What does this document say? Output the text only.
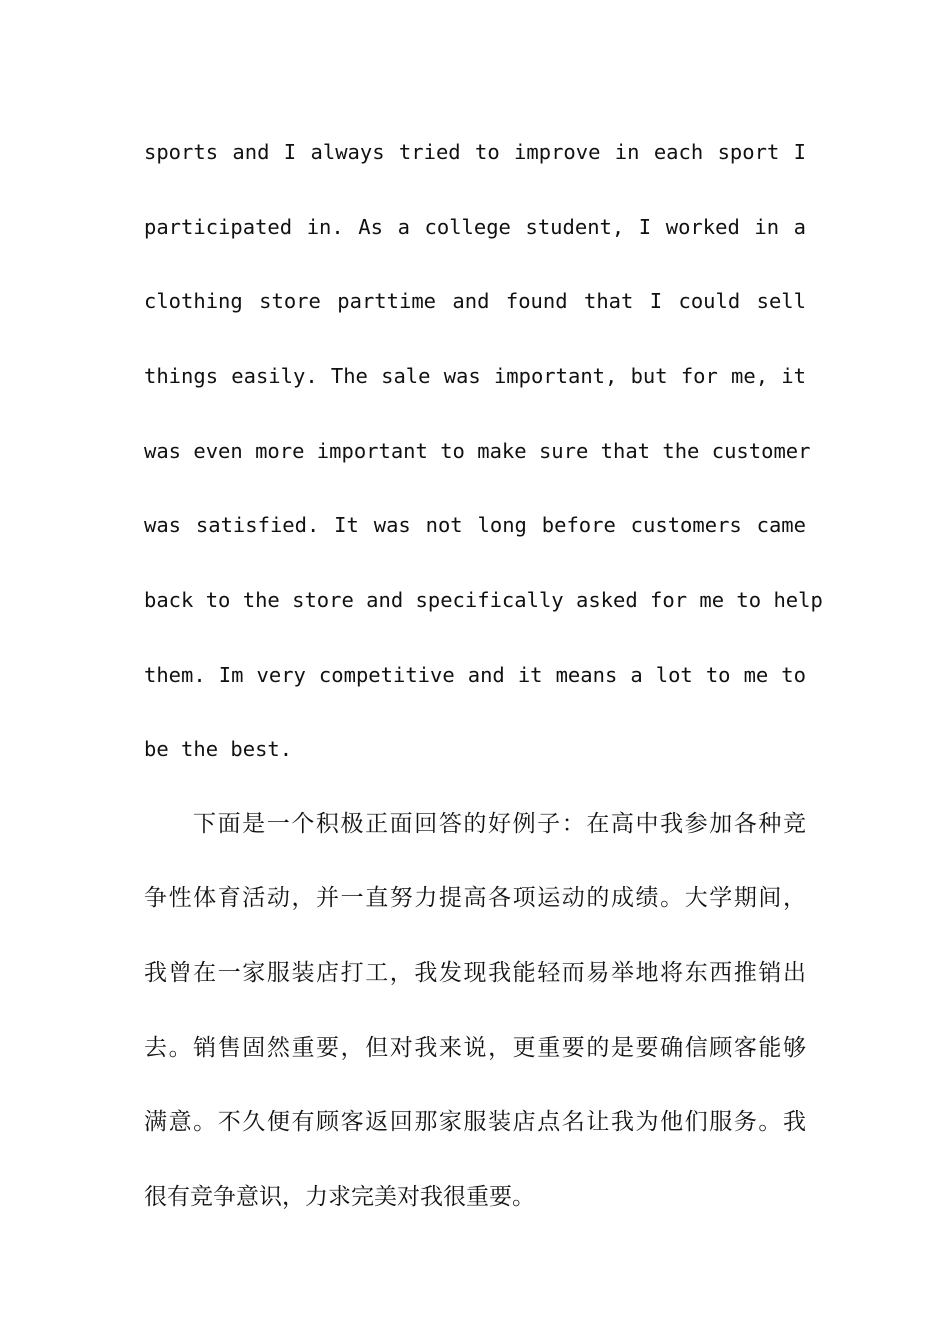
sports and I always tried to improve in each sport I
participated in. As a college student, I worked in a
clothing store parttime and found that I could sell
things easily. The sale was important, but for me, it
was even more important to make sure that the customer
was satisfied. It was not long before customers came
back to the store and specifically asked for me to help
them. Im very competitive and it means a lot to me to
be the best.
下面是一个积极正面回答的好例子：在高中我参加各种竞
争性体育活动，并一直努力提高各项运动的成绩。大学期间，
我曾在一家服装店打工，我发现我能轻而易举地将东西推销出
去。销售固然重要，但对我来说，更重要的是要确信顾客能够
满意。不久便有顾客返回那家服装店点名让我为他们服务。我
很有竞争意识，力求完美对我很重要。
